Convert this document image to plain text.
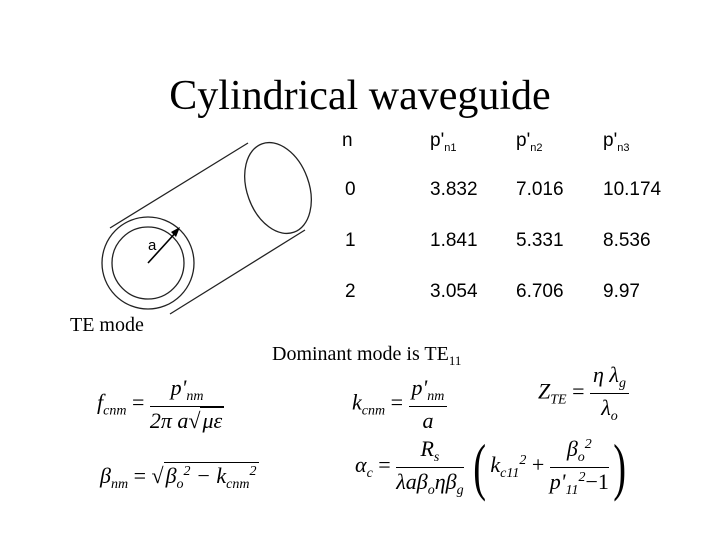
Cylindrical waveguide
a
TE mode
n	$p'_{n1}$	$p'_{n2}$	$p'_{n3}$
0	3.832 7.016 10.174
1	1.841 5.331 8.536
2	3.054 6.706 9.97
Dominant mode is $TE_{11}$
$f_{cnm} = \frac{p'_{nm}}{\text{2π a√με}}$
$\beta_{nm} = √\beta_o^2 - k_{cnm}^2$
$k_{cnm} = \frac{p'_{nm}}{a}$	$Z_{TE} = \frac{\eta \lambda_g}{\lambda_o}$
$\alpha_c = \frac{R_s}{\lambda a\beta_o\eta\beta_g}$ ( $k_{c11}^2 + \frac{\beta_o^2}{p'_{11}^2-1}$ )
